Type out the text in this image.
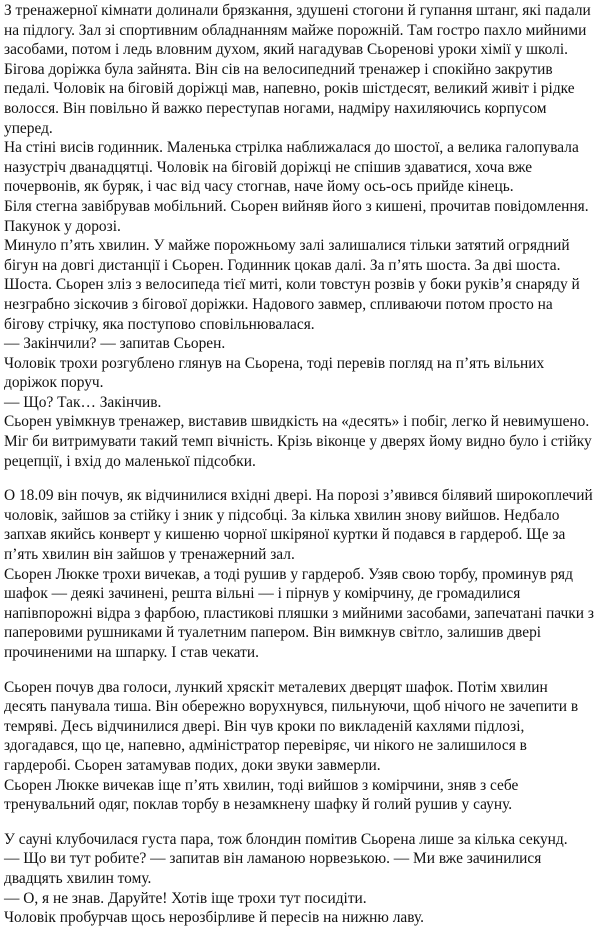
З тренажерної кімнати долинали брязкання, здушені стогони й гупання штанг, які падали на підлогу. Зал зі спортивним обладнанням майже порожній. Там гостро пахло мийними засобами, потом і ледь вловним духом, який нагадував Сьоренові уроки хімії у школі. Бігова доріжка була зайнята. Він сів на велосипедний тренажер і спокійно закрутив педалі. Чоловік на біговій доріжці мав, напевно, років шістдесят, великий живіт і рідке волосся. Він повільно й важко переступав ногами, надміру нахиляючись корпусом уперед.

На стіні висів годинник. Маленька стрілка наближалася до шостої, а велика галопувала назустріч дванадцятці. Чоловік на біговій доріжці не спішив здаватися, хоча вже почервонів, як буряк, і час від часу стогнав, наче йому ось-ось прийде кінець.

Біля стегна завібрував мобільний. Сьорен вийняв його з кишені, прочитав повідомлення. Пакунок у дорозі.

Минуло п’ять хвилин. У майже порожньому залі залишалися тільки затятий огрядний бігун на довгі дистанції і Сьорен. Годинник цокав далі. За п’ять шоста. За дві шоста.

Шоста. Сьорен зліз з велосипеда тієї миті, коли товстун розвів у боки руків’я снаряду й незграбно зіскочив з бігової доріжки. Надового завмер, спливаючи потом просто на бігову стрічку, яка поступово сповільнювалася.

— Закінчили? — запитав Сьорен.

Чоловік трохи розгублено глянув на Сьорена, тоді перевів погляд на п’ять вільних доріжок поруч.

— Що? Так… Закінчив.

Сьорен увімкнув тренажер, виставив швидкість на «десять» і побіг, легко й невимушено. Міг би витримувати такий темп вічність. Крізь віконце у дверях йому видно було і стійку рецепції, і вхід до маленької підсобки.

О 18.09 він почув, як відчинилися вхідні двері. На порозі з’явився білявий широкоплечий чоловік, зайшов за стійку і зник у підсобці. За кілька хвилин знову вийшов. Недбало запхав якийсь конверт у кишеню чорної шкіряної куртки й подався в гардероб. Ще за п’ять хвилин він зайшов у тренажерний зал.

Сьорен Люкке трохи вичекав, а тоді рушив у гардероб. Узяв свою торбу, проминув ряд шафок — деякі зачинені, решта вільні — і пірнув у комірчину, де громадилися напівпорожні відра з фарбою, пластикові пляшки з мийними засобами, запечатані пачки з паперовими рушниками й туалетним папером. Він вимкнув світло, залишив двері прочиненими на шпарку. І став чекати.

Сьорен почув два голоси, лункий хряскіт металевих дверцят шафок. Потім хвилин десять панувала тиша. Він обережно ворухнувся, пильнуючи, щоб нічого не зачепити в темряві. Десь відчинилися двері. Він чув кроки по викладеній кахлями підлозі, здогадався, що це, напевно, адміністратор перевіряє, чи нікого не залишилося в гардеробі. Сьорен затамував подих, доки звуки завмерли.

Сьорен Люкке вичекав іще п’ять хвилин, тоді вийшов з комірчини, зняв з себе тренувальний одяг, поклав торбу в незамкнену шафку й голий рушив у сауну.

У сауні клубочилася густа пара, тож блондин помітив Сьорена лише за кілька секунд.

— Що ви тут робите? — запитав він ламаною норвезькою. — Ми вже зачинилися двадцять хвилин тому.

— О, я не знав. Даруйте! Хотів іще трохи тут посидіти.

Чоловік пробурчав щось нерозбірливе й пересів на нижню лаву.
